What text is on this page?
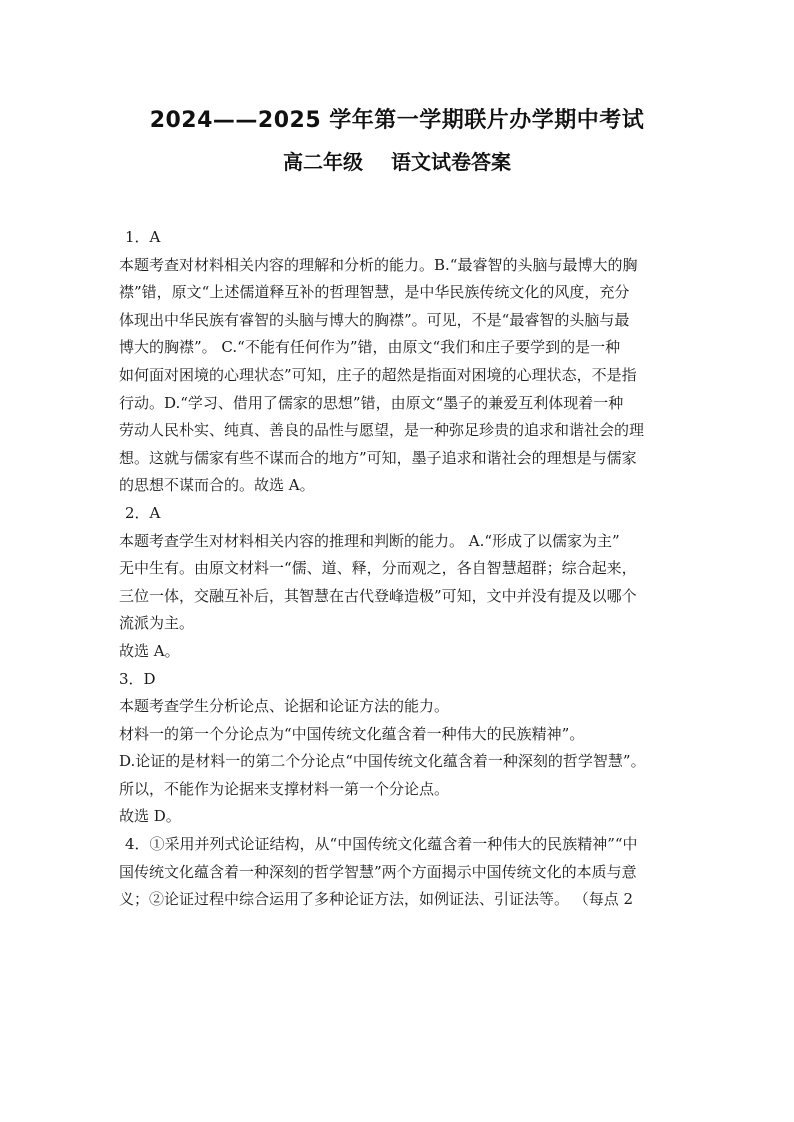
2024——2025 学年第一学期联片办学期中考试
高二年级 语文试卷答案
1．A
本题考查对材料相关内容的理解和分析的能力。B.“最睿智的头脑与最博大的胸
襟”错，原文“上述儒道释互补的哲理智慧，是中华民族传统文化的风度，充分
体现出中华民族有睿智的头脑与博大的胸襟”。可见，不是“最睿智的头脑与最
博大的胸襟”。 C.“不能有任何作为”错，由原文“我们和庄子要学到的是一种
如何面对困境的心理状态”可知，庄子的超然是指面对困境的心理状态，不是指
行动。D.“学习、借用了儒家的思想”错，由原文“墨子的兼爱互利体现着一种
劳动人民朴实、纯真、善良的品性与愿望，是一种弥足珍贵的追求和谐社会的理
想。这就与儒家有些不谋而合的地方”可知，墨子追求和谐社会的理想是与儒家
的思想不谋而合的。故选 A。
2．A
本题考查学生对材料相关内容的推理和判断的能力。 A.“形成了以儒家为主”
无中生有。由原文材料一“儒、道、释，分而观之，各自智慧超群；综合起来，
三位一体，交融互补后，其智慧在古代登峰造极”可知，文中并没有提及以哪个
流派为主。
故选 A。
3．D
本题考查学生分析论点、论据和论证方法的能力。
材料一的第一个分论点为“中国传统文化蕴含着一种伟大的民族精神”。
D.论证的是材料一的第二个分论点“中国传统文化蕴含着一种深刻的哲学智慧”。
所以，不能作为论据来支撑材料一第一个分论点。
故选 D。
4．①采用并列式论证结构，从“中国传统文化蕴含着一种伟大的民族精神”“中
国传统文化蕴含着一种深刻的哲学智慧”两个方面揭示中国传统文化的本质与意
义；②论证过程中综合运用了多种论证方法，如例证法、引证法等。 （每点 2
